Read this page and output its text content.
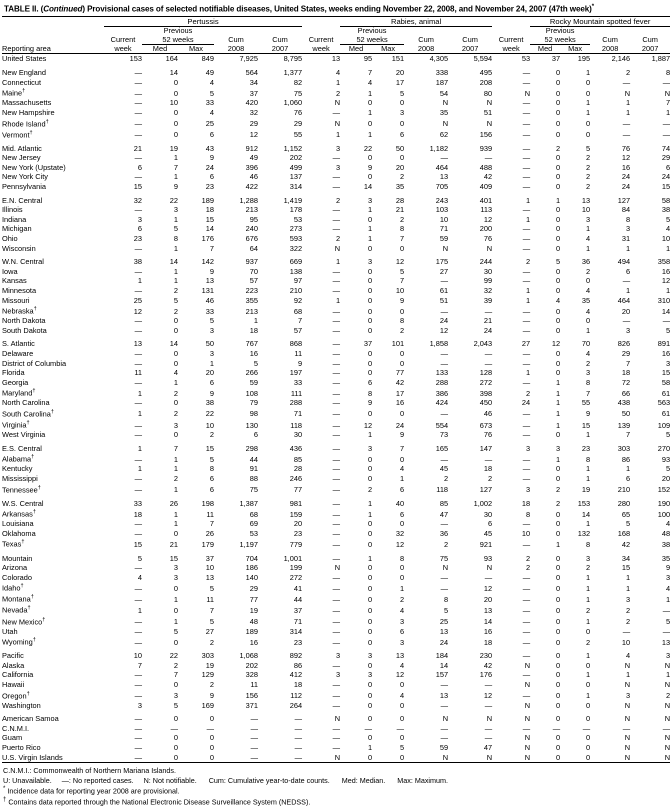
TABLE II. (Continued) Provisional cases of selected notifiable diseases, United States, weeks ending November 22, 2008, and November 24, 2007 (47th week)*
	Pertussis						Rabies, animal					Rocky Mountain spotted fever			
		Previous					Previous					Previous			
	Current	52 weeks		Cum	Cum	Current	52 weeks		Cum	Cum	Current	52 weeks		Cum	Cum
Reporting area	week	Med	Max	2008	2007	week	Med	Max	2008	2007	week	Med	Max	2008	2007
United States	153	164	849	7,925	8,795	13	95	151	4,305	5,594	53	37	195	2,146	1,887

New England	—	14	49	564	1,377	4	7	20	338	495	—	0	1	2	8
Connecticut	—	0	4	34	82	1	4	17	187	208	—	0	0	—	—
Maine†	—	0	5	37	75	2	1	5	54	80	N	0	0	N	N
Massachusetts	—	10	33	420	1,060	N	0	0	N	N	—	0	1	1	7
New Hampshire	—	0	4	32	76	—	1	3	35	51	—	0	1	1	1
Rhode Island†	—	0	25	29	29	N	0	0	N	N	—	0	0	—	—
Vermont†	—	0	6	12	55	1	1	6	62	156	—	0	0	—	—

Mid. Atlantic	21	19	43	912	1,152	3	22	50	1,182	939	—	2	5	76	74
New Jersey	—	1	9	49	202	—	0	0	—	—	—	0	2	12	29
New York (Upstate)	6	7	24	396	499	3	9	20	464	488	—	0	2	16	6
New York City	—	1	6	46	137	—	0	2	13	42	—	0	2	24	24
Pennsylvania	15	9	23	422	314	—	14	35	705	409	—	0	2	24	15

E.N. Central	32	22	189	1,288	1,419	2	3	28	243	401	1	1	13	127	58
Illinois	—	3	18	213	178	—	1	21	103	113	—	0	10	84	38
Indiana	3	1	15	95	53	—	0	2	10	12	1	0	3	8	5
Michigan	6	5	14	240	273	—	1	8	71	200	—	0	1	3	4
Ohio	23	8	176	676	593	2	1	7	59	76	—	0	4	31	10
Wisconsin	—	1	7	64	322	N	0	0	N	N	—	0	1	1	1

W.N. Central	38	14	142	937	669	1	3	12	175	244	2	5	36	494	358
Iowa	—	1	9	70	138	—	0	5	27	30	—	0	2	6	16
Kansas	1	1	13	57	97	—	0	7	—	99	—	0	0	—	12
Minnesota	—	2	131	223	210	—	0	10	61	32	1	0	4	1	1
Missouri	25	5	46	355	92	1	0	9	51	39	1	4	35	464	310
Nebraska†	12	2	33	213	68	—	0	0	—	—	—	0	4	20	14
North Dakota	—	0	5	1	7	—	0	8	24	21	—	0	0	—	—
South Dakota	—	0	3	18	57	—	0	2	12	24	—	0	1	3	5

S. Atlantic	13	14	50	767	868	—	37	101	1,858	2,043	27	12	70	826	891
Delaware	—	0	3	16	11	—	0	0	—	—	—	0	4	29	16
District of Columbia	—	0	1	5	9	—	0	0	—	—	—	0	2	7	3
Florida	11	4	20	266	197	—	0	77	133	128	1	0	3	18	15
Georgia	—	1	6	59	33	—	6	42	288	272	—	1	8	72	58
Maryland†	1	2	9	108	111	—	8	17	386	398	2	1	7	66	61
North Carolina	—	0	38	79	288	—	9	16	424	450	24	1	55	438	563
South Carolina†	1	2	22	98	71	—	0	0	—	46	—	1	9	50	61
Virginia†	—	3	10	130	118	—	12	24	554	673	—	1	15	139	109
West Virginia	—	0	2	6	30	—	1	9	73	76	—	0	1	7	5

E.S. Central	1	7	15	298	436	—	3	7	165	147	3	3	23	303	270
Alabama†	—	1	5	44	85	—	0	0	—	—	—	1	8	86	93
Kentucky	1	1	8	91	28	—	0	4	45	18	—	0	1	1	5
Mississippi	—	2	6	88	246	—	0	1	2	2	—	0	1	6	20
Tennessee†	—	1	6	75	77	—	2	6	118	127	3	2	19	210	152

W.S. Central	33	26	198	1,387	981	—	1	40	85	1,002	18	2	153	280	190
Arkansas†	18	1	11	68	159	—	1	6	47	30	8	0	14	65	100
Louisiana	—	1	7	69	20	—	0	0	—	6	—	0	1	5	4
Oklahoma	—	0	26	53	23	—	0	32	36	45	10	0	132	168	48
Texas†	15	21	179	1,197	779	—	0	12	2	921	—	1	8	42	38

Mountain	5	15	37	704	1,001	—	1	8	75	93	2	0	3	34	35
Arizona	—	3	10	186	199	N	0	0	N	N	2	0	2	15	9
Colorado	4	3	13	140	272	—	0	0	—	—	—	0	1	1	3
Idaho†	—	0	5	29	41	—	0	1	—	12	—	0	1	1	4
Montana†	—	1	11	77	44	—	0	2	8	20	—	0	1	3	1
Nevada†	1	0	7	19	37	—	0	4	5	13	—	0	2	2	—
New Mexico†	—	1	5	48	71	—	0	3	25	14	—	0	1	2	5
Utah	—	5	27	189	314	—	0	6	13	16	—	0	0	—	—
Wyoming†	—	0	2	16	23	—	0	3	24	18	—	0	2	10	13

Pacific	10	22	303	1,068	892	3	3	13	184	230	—	0	1	4	3
Alaska	7	2	19	202	86	—	0	4	14	42	N	0	0	N	N
California	—	7	129	328	412	3	3	12	157	176	—	0	1	1	1
Hawaii	—	0	2	11	18	—	0	0	—	—	N	0	0	N	N
Oregon†	—	3	9	156	112	—	0	4	13	12	—	0	1	3	2
Washington	3	5	169	371	264	—	0	0	—	—	N	0	0	N	N

American Samoa	—	0	0	—	—	N	0	0	N	N	N	0	0	N	N
C.N.M.I.	—	—	—	—	—	—	—	—	—	—	—	—	—	—	—
Guam	—	0	0	—	—	—	0	0	—	—	N	0	0	N	N
Puerto Rico	—	0	0	—	—	—	1	5	59	47	N	0	0	N	N
U.S. Virgin Islands	—	0	0	—	—	N	0	0	N	N	N	0	0	N	N
C.N.M.I.: Commonwealth of Northern Mariana Islands.
U: Unavailable.     —: No reported cases.     N: Not notifiable.      Cum: Cumulative year-to-date counts.      Med: Median.      Max: Maximum.
* Incidence data for reporting year 2008 are provisional.
† Contains data reported through the National Electronic Disease Surveillance System (NEDSS).
